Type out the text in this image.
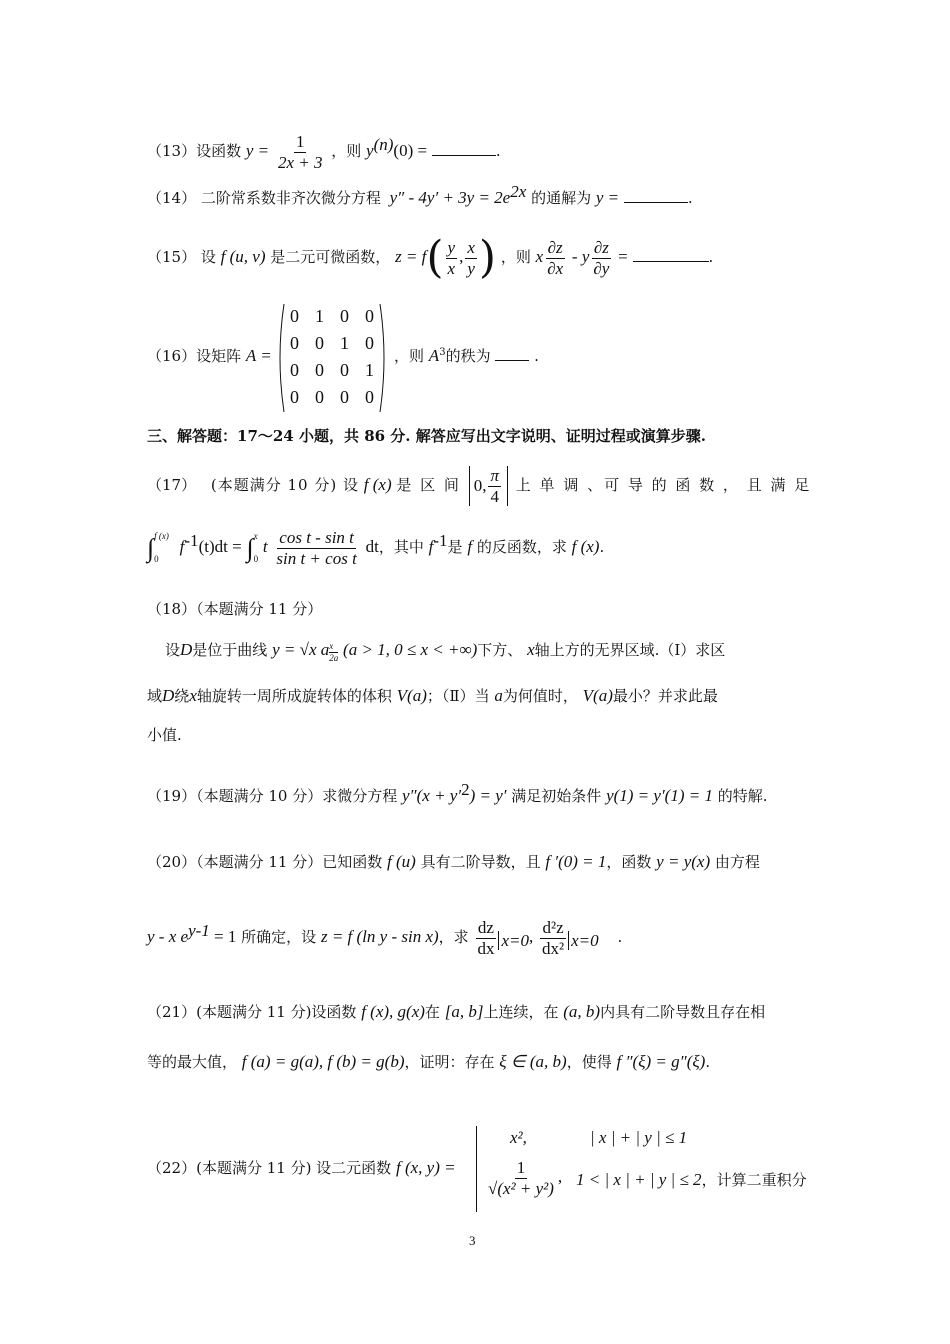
（13）设函数 $y = \frac{1}{2x + 3}$ ，则 $y^{(n)}(0)$ =	.
（14） 二阶常系数非齐次微分方程 $y'' - 4y' + 3y = 2e^{2x}$ 的通解为 y =	.
（15） 设 f (u, v) 是二元可微函数， $z = f( \frac{y}{x}$ , $\frac{x}{y}$ ) ，则 x $\frac{\partial z}{\partial x}$ - y $\frac{\partial z}{\partial y}$ =	.
（16）设矩阵 A =
0 1 0 0
0 0 1 0
0 0 0 1
0 0 0 0
，则 $A^3$的秩为	.
三、解答题：17～24 小题，共 86 分. 解答应写出文字说明、证明过程或演算步骤.
（17） (本题满分 10 分) 设 f (x) 是 区 间 0, $\frac{\pi}{4}$ 上 单 调 、可 导 的 函 数 ， 且 满 足
∫ f (x)
0
$f^{-1}(t)dt$ = ∫ x
0
t $\frac{\text{cos t - sin t}}{\text{sin t + cos t}}$ dt，其中 $f^{-1}$是 f 的反函数，求 f (x).
（18）（本题满分 11 分）
设D是位于曲线 y = √x a $^{\frac{x}{2a}}$ (a > 1, 0 ≤ x < +∞)下方、 x轴上方的无界区域.（Ⅰ）求区
域D绕x轴旋转一周所成旋转体的体积 V(a)；（Ⅱ）当 a为何值时， V(a)最小？并求此最
小值.
（19）（本题满分 10 分）求微分方程 $y''(x + y'^2) = y'$ 满足初始条件 y(1) = y′(1) = 1 的特解.
（20）（本题满分 11 分）已知函数 f (u) 具有二阶导数，且 f ′(0) = 1，函数 y = y(x) 由方程
y - x $e^{y-1} = 1$ 所确定，设 z = f (ln y - sin x)，求 $\frac{dz}{dx} _{x=0}$, $\frac{\text{d²z}}{\text{dx²}} _{x=0}$ .
（21）(本题满分 11 分)设函数 f (x), g(x)在 [a, b]上连续，在 (a, b)内具有二阶导数且存在相
等的最大值， f (a) = g(a), f (b) = g(b)，证明：存在 ξ ∈ (a, b)，使得 f ″(ξ) = g″(ξ).
（22）(本题满分 11 分) 设二元函数 f (x, y) =
x²,	| x | + | y | ≤ 1
$\frac{1}{\text{√(x² + y²)}}$ , 1 < | x | + | y | ≤ 2，计算二重积分
3
